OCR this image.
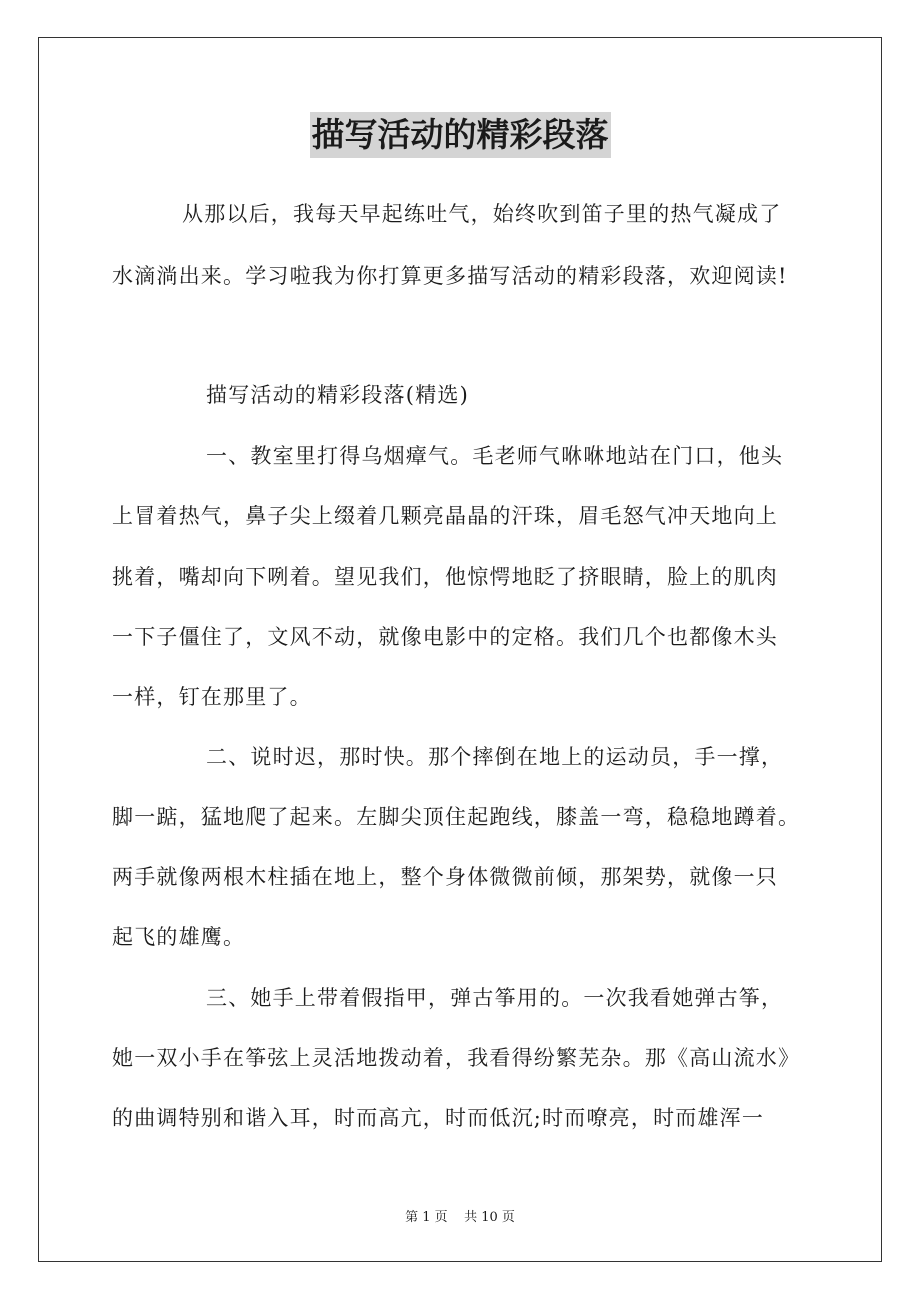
描写活动的精彩段落
从那以后，我每天早起练吐气，始终吹到笛子里的热气凝成了
水滴淌出来。学习啦我为你打算更多描写活动的精彩段落，欢迎阅读!
描写活动的精彩段落(精选)
一、教室里打得乌烟瘴气。毛老师气咻咻地站在门口，他头
上冒着热气，鼻子尖上缀着几颗亮晶晶的汗珠，眉毛怒气冲天地向上
挑着，嘴却向下咧着。望见我们，他惊愕地眨了挤眼睛，脸上的肌肉
一下子僵住了，文风不动，就像电影中的定格。我们几个也都像木头
一样，钉在那里了。
二、说时迟，那时快。那个摔倒在地上的运动员，手一撑，
脚一踮，猛地爬了起来。左脚尖顶住起跑线，膝盖一弯，稳稳地蹲着。
两手就像两根木柱插在地上，整个身体微微前倾，那架势，就像一只
起飞的雄鹰。
三、她手上带着假指甲，弹古筝用的。一次我看她弹古筝，
她一双小手在筝弦上灵活地拨动着，我看得纷繁芜杂。那《高山流水》
的曲调特别和谐入耳，时而高亢，时而低沉;时而嘹亮，时而雄浑一
第 1 页    共 10 页
